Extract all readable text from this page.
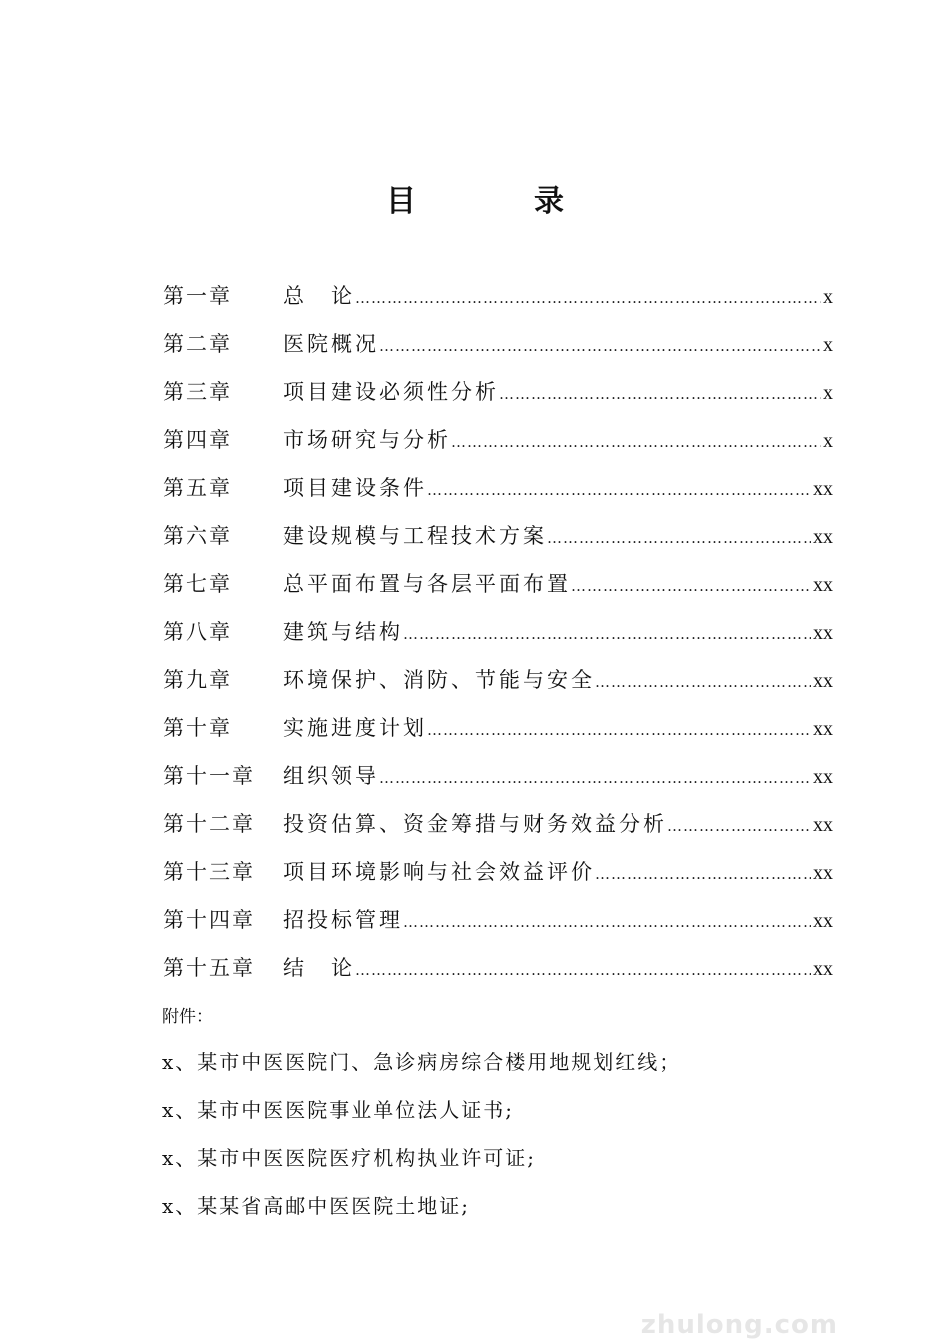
目　录
第一章	总　论 …………………………………………………………………………………………………………………………………………………	x
第二章	医院概况 …………………………………………………………………………………………………………………………………………………	x
第三章	项目建设必须性分析 …………………………………………………………………………………………………………………………………………………	x
第四章	市场研究与分析 …………………………………………………………………………………………………………………………………………………	x
第五章	项目建设条件 …………………………………………………………………………………………………………………………………………………	xx
第六章	建设规模与工程技术方案 …………………………………………………………………………………………………………………………………………………	xx
第七章	总平面布置与各层平面布置 …………………………………………………………………………………………………………………………………………………	xx
第八章	建筑与结构 …………………………………………………………………………………………………………………………………………………	xx
第九章	环境保护、消防、节能与安全 …………………………………………………………………………………………………………………………………………………	xx
第十章	实施进度计划 …………………………………………………………………………………………………………………………………………………	xx
第十一章	组织领导 …………………………………………………………………………………………………………………………………………………	xx
第十二章	投资估算、资金筹措与财务效益分析 …………………………………………………………………………………………………………………………………………………	xx
第十三章	项目环境影响与社会效益评价 …………………………………………………………………………………………………………………………………………………	xx
第十四章	招投标管理 …………………………………………………………………………………………………………………………………………………	xx
第十五章	结　论 …………………………………………………………………………………………………………………………………………………	xx
附件：
x、某市中医医院门、急诊病房综合楼用地规划红线；
x、某市中医医院事业单位法人证书;
x、某市中医医院医疗机构执业许可证;
x、某某省高邮中医医院土地证;
zhulong.com
